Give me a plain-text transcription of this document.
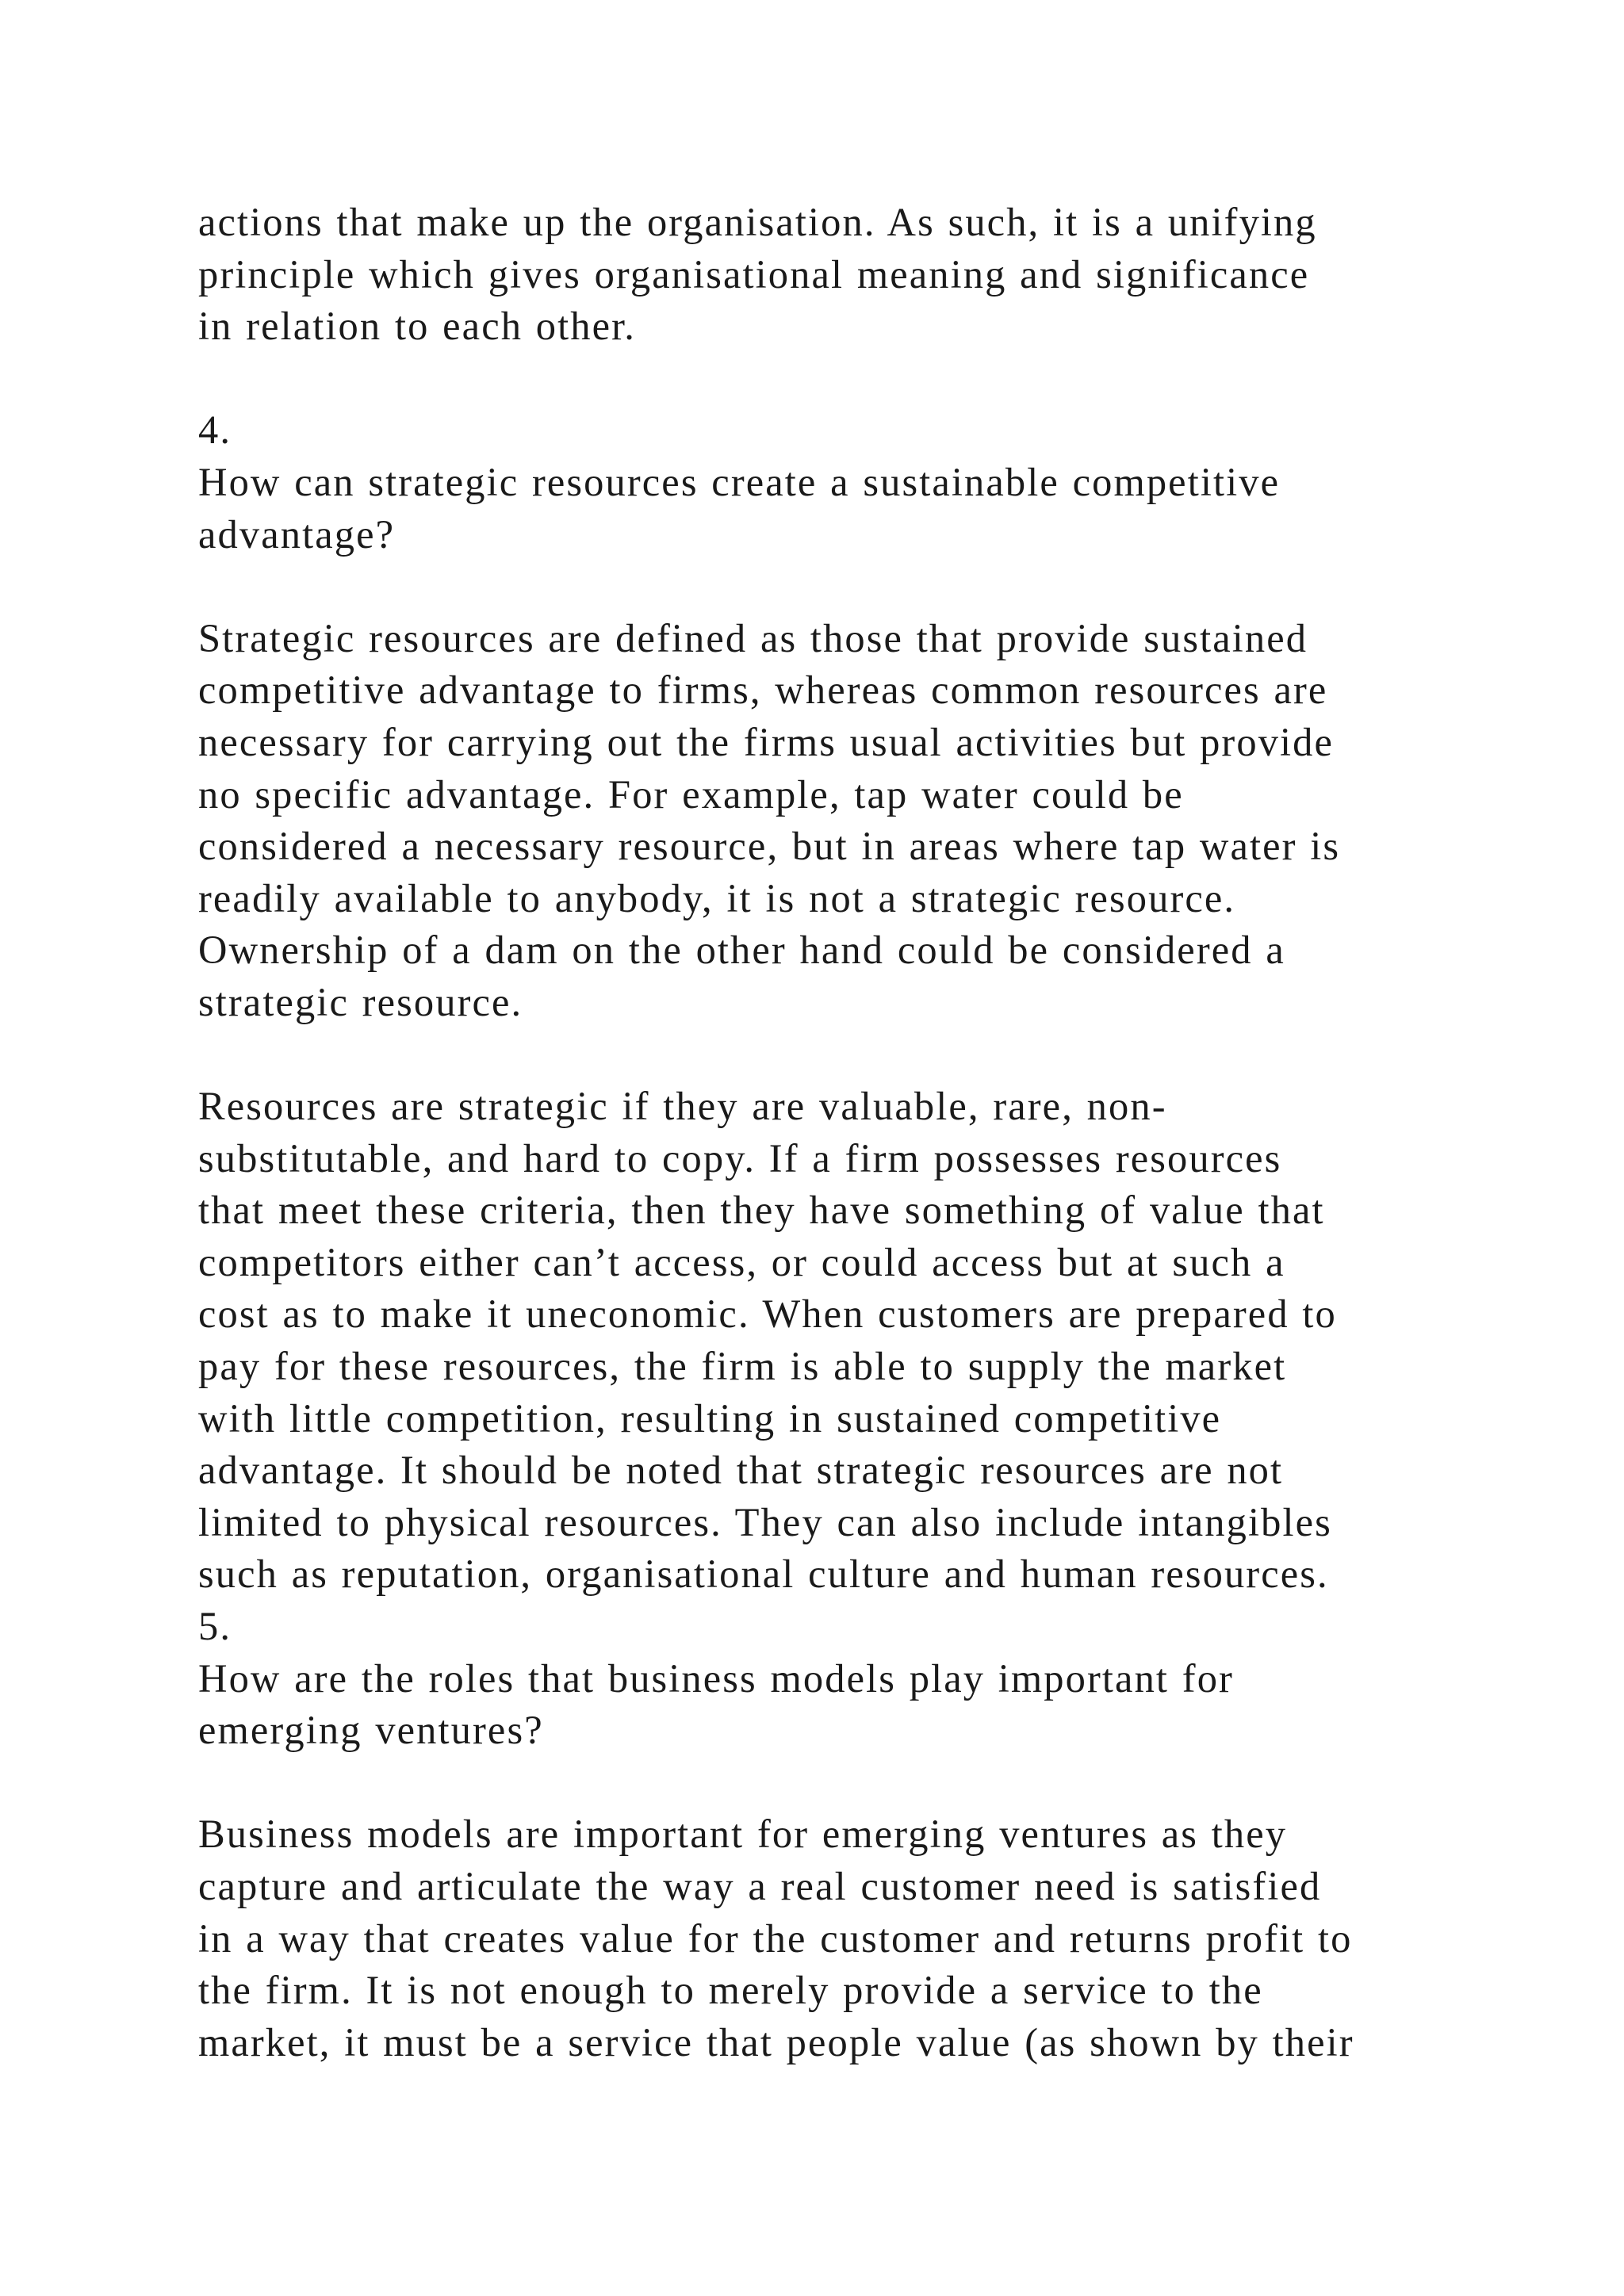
actions that make up the organisation. As such, it is a unifying
principle which gives organisational meaning and significance
in relation to each other.
4.
How can strategic resources create a sustainable competitive
advantage?
Strategic resources are defined as those that provide sustained
competitive advantage to firms, whereas common resources are
necessary for carrying out the firms usual activities but provide
no specific advantage. For example, tap water could be
considered a necessary resource, but in areas where tap water is
readily available to anybody, it is not a strategic resource.
Ownership of a dam on the other hand could be considered a
strategic resource.
Resources are strategic if they are valuable, rare, non-
substitutable, and hard to copy. If a firm possesses resources
that meet these criteria, then they have something of value that
competitors either can’t access, or could access but at such a
cost as to make it uneconomic. When customers are prepared to
pay for these resources, the firm is able to supply the market
with little competition, resulting in sustained competitive
advantage. It should be noted that strategic resources are not
limited to physical resources. They can also include intangibles
such as reputation, organisational culture and human resources.
5.
How are the roles that business models play important for
emerging ventures?
Business models are important for emerging ventures as they
capture and articulate the way a real customer need is satisfied
in a way that creates value for the customer and returns profit to
the firm. It is not enough to merely provide a service to the
market, it must be a service that people value (as shown by their
